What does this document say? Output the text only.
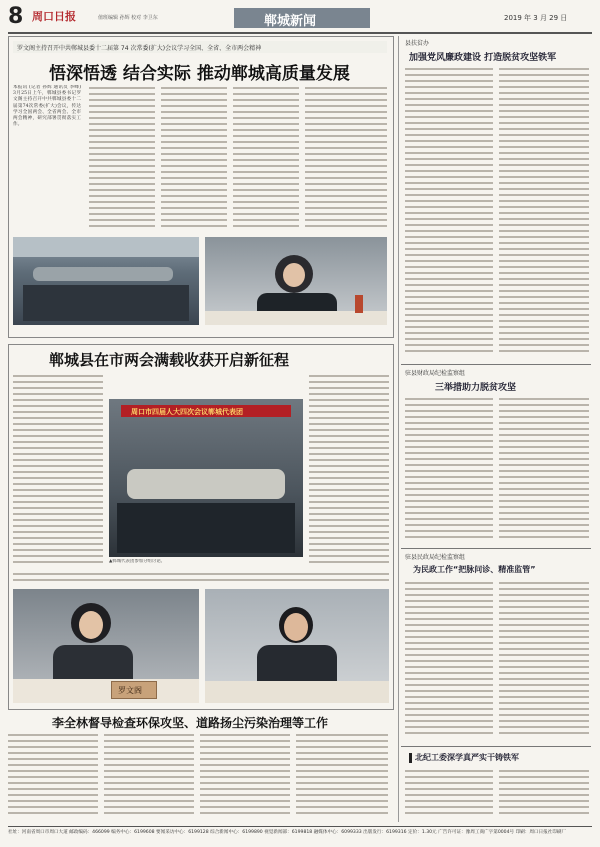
8 周口日报	值班编辑 孙辉 校对 李卫东	郸城新闻	2019 年 3 月 29 日
罗文阁主持召开中共郸城县委十二届第 74 次常委(扩大)会议学习全国、全省、全市两会精神
悟深悟透 结合实际 推动郸城高质量发展
本报讯 (记者 孙辉 通讯员 李峰) 3月25日上午，郸城县委书记罗文阁主持召开中共郸城县委十二届第74次常委(扩大)会议，传达学习全国两会、全省两会、全市两会精神，研究部署贯彻落实工作。
郸城县在市两会满载收获开启新征程
周口市四届人大四次会议郸城代表团
▲郸城代表团参加分组讨论。
罗文阁
李全林督导检查环保攻坚、道路扬尘污染治理等工作
县扶贫办
加强党风廉政建设 打造脱贫攻坚铁军
驻县财政局纪检监察组
三举措助力脱贫攻坚
驻县民政局纪检监察组
为民政工作“把脉问诊、精准监管”
北纪工委深学真严实干铸铁军
社址：河南省周口市周口大道 邮政编码：466099 编务中心：6199608 要闻采访中心：6199128 综合新闻中心：6199890 视觉新闻部：6199818 融媒体中心：6099333 出版发行：6199316 定价：1.30元 广告许可证：豫周工商广字第0004号 印刷：周口日报社印刷厂
